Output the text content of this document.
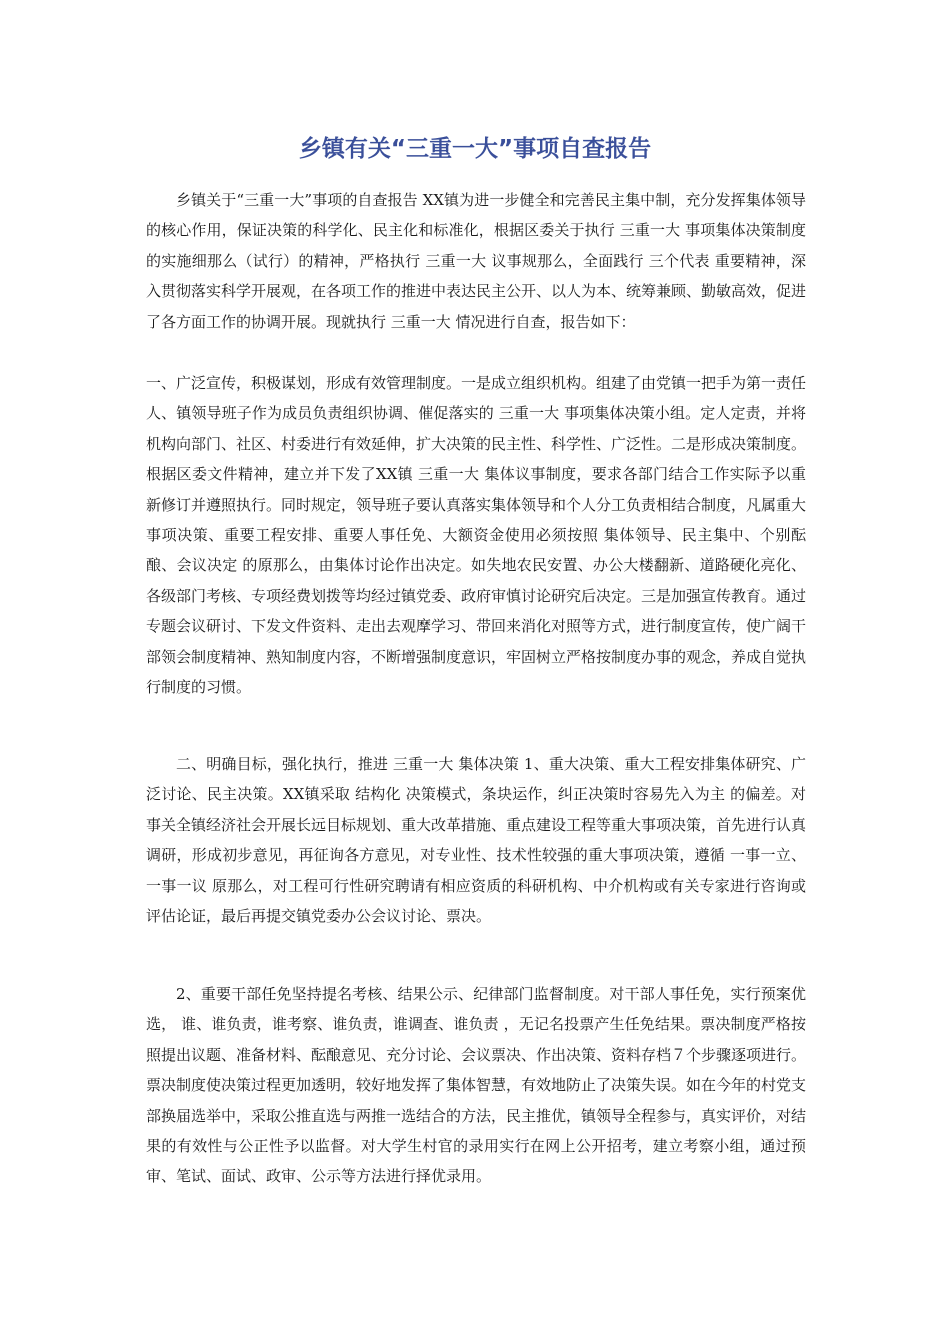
乡镇有关“三重一大”事项自查报告

乡镇关于“三重一大”事项的自查报告 XX镇为进一步健全和完善民主集中制，充分发挥集体领导的核心作用，保证决策的科学化、民主化和标准化，根据区委关于执行 三重一大 事项集体决策制度的实施细那么（试行）的精神，严格执行 三重一大 议事规那么，全面践行 三个代表 重要精神，深入贯彻落实科学开展观，在各项工作的推进中表达民主公开、以人为本、统筹兼顾、勤敏高效，促进了各方面工作的协调开展。现就执行 三重一大 情况进行自查，报告如下：

一、广泛宣传，积极谋划，形成有效管理制度。一是成立组织机构。组建了由党镇一把手为第一责任人、镇领导班子作为成员负责组织协调、催促落实的 三重一大 事项集体决策小组。定人定责，并将机构向部门、社区、村委进行有效延伸，扩大决策的民主性、科学性、广泛性。二是形成决策制度。根据区委文件精神，建立并下发了XX镇 三重一大 集体议事制度，要求各部门结合工作实际予以重新修订并遵照执行。同时规定，领导班子要认真落实集体领导和个人分工负责相结合制度，凡属重大事项决策、重要工程安排、重要人事任免、大额资金使用必须按照 集体领导、民主集中、个别酝酿、会议决定 的原那么，由集体讨论作出决定。如失地农民安置、办公大楼翻新、道路硬化亮化、各级部门考核、专项经费划拨等均经过镇党委、政府审慎讨论研究后决定。三是加强宣传教育。通过专题会议研讨、下发文件资料、走出去观摩学习、带回来消化对照等方式，进行制度宣传，使广阔干部领会制度精神、熟知制度内容，不断增强制度意识，牢固树立严格按制度办事的观念，养成自觉执行制度的习惯。

二、明确目标，强化执行，推进 三重一大 集体决策 1、重大决策、重大工程安排集体研究、广泛讨论、民主决策。XX镇采取 结构化 决策模式，条块运作，纠正决策时容易先入为主 的偏差。对事关全镇经济社会开展长远目标规划、重大改革措施、重点建设工程等重大事项决策，首先进行认真调研，形成初步意见，再征询各方意见，对专业性、技术性较强的重大事项决策，遵循 一事一立、一事一议 原那么，对工程可行性研究聘请有相应资质的科研机构、中介机构或有关专家进行咨询或评估论证，最后再提交镇党委办公会议讨论、票决。

2、重要干部任免坚持提名考核、结果公示、纪律部门监督制度。对干部人事任免，实行预案优选， 谁、谁负责，谁考察、谁负责，谁调查、谁负责 ，无记名投票产生任免结果。票决制度严格按照提出议题、准备材料、酝酿意见、充分讨论、会议票决、作出决策、资料存档７个步骤逐项进行。票决制度使决策过程更加透明，较好地发挥了集体智慧，有效地防止了决策失误。如在今年的村党支部换届选举中，采取公推直选与两推一选结合的方法，民主推优，镇领导全程参与，真实评价，对结果的有效性与公正性予以监督。对大学生村官的录用实行在网上公开招考，建立考察小组，通过预审、笔试、面试、政审、公示等方法进行择优录用。
